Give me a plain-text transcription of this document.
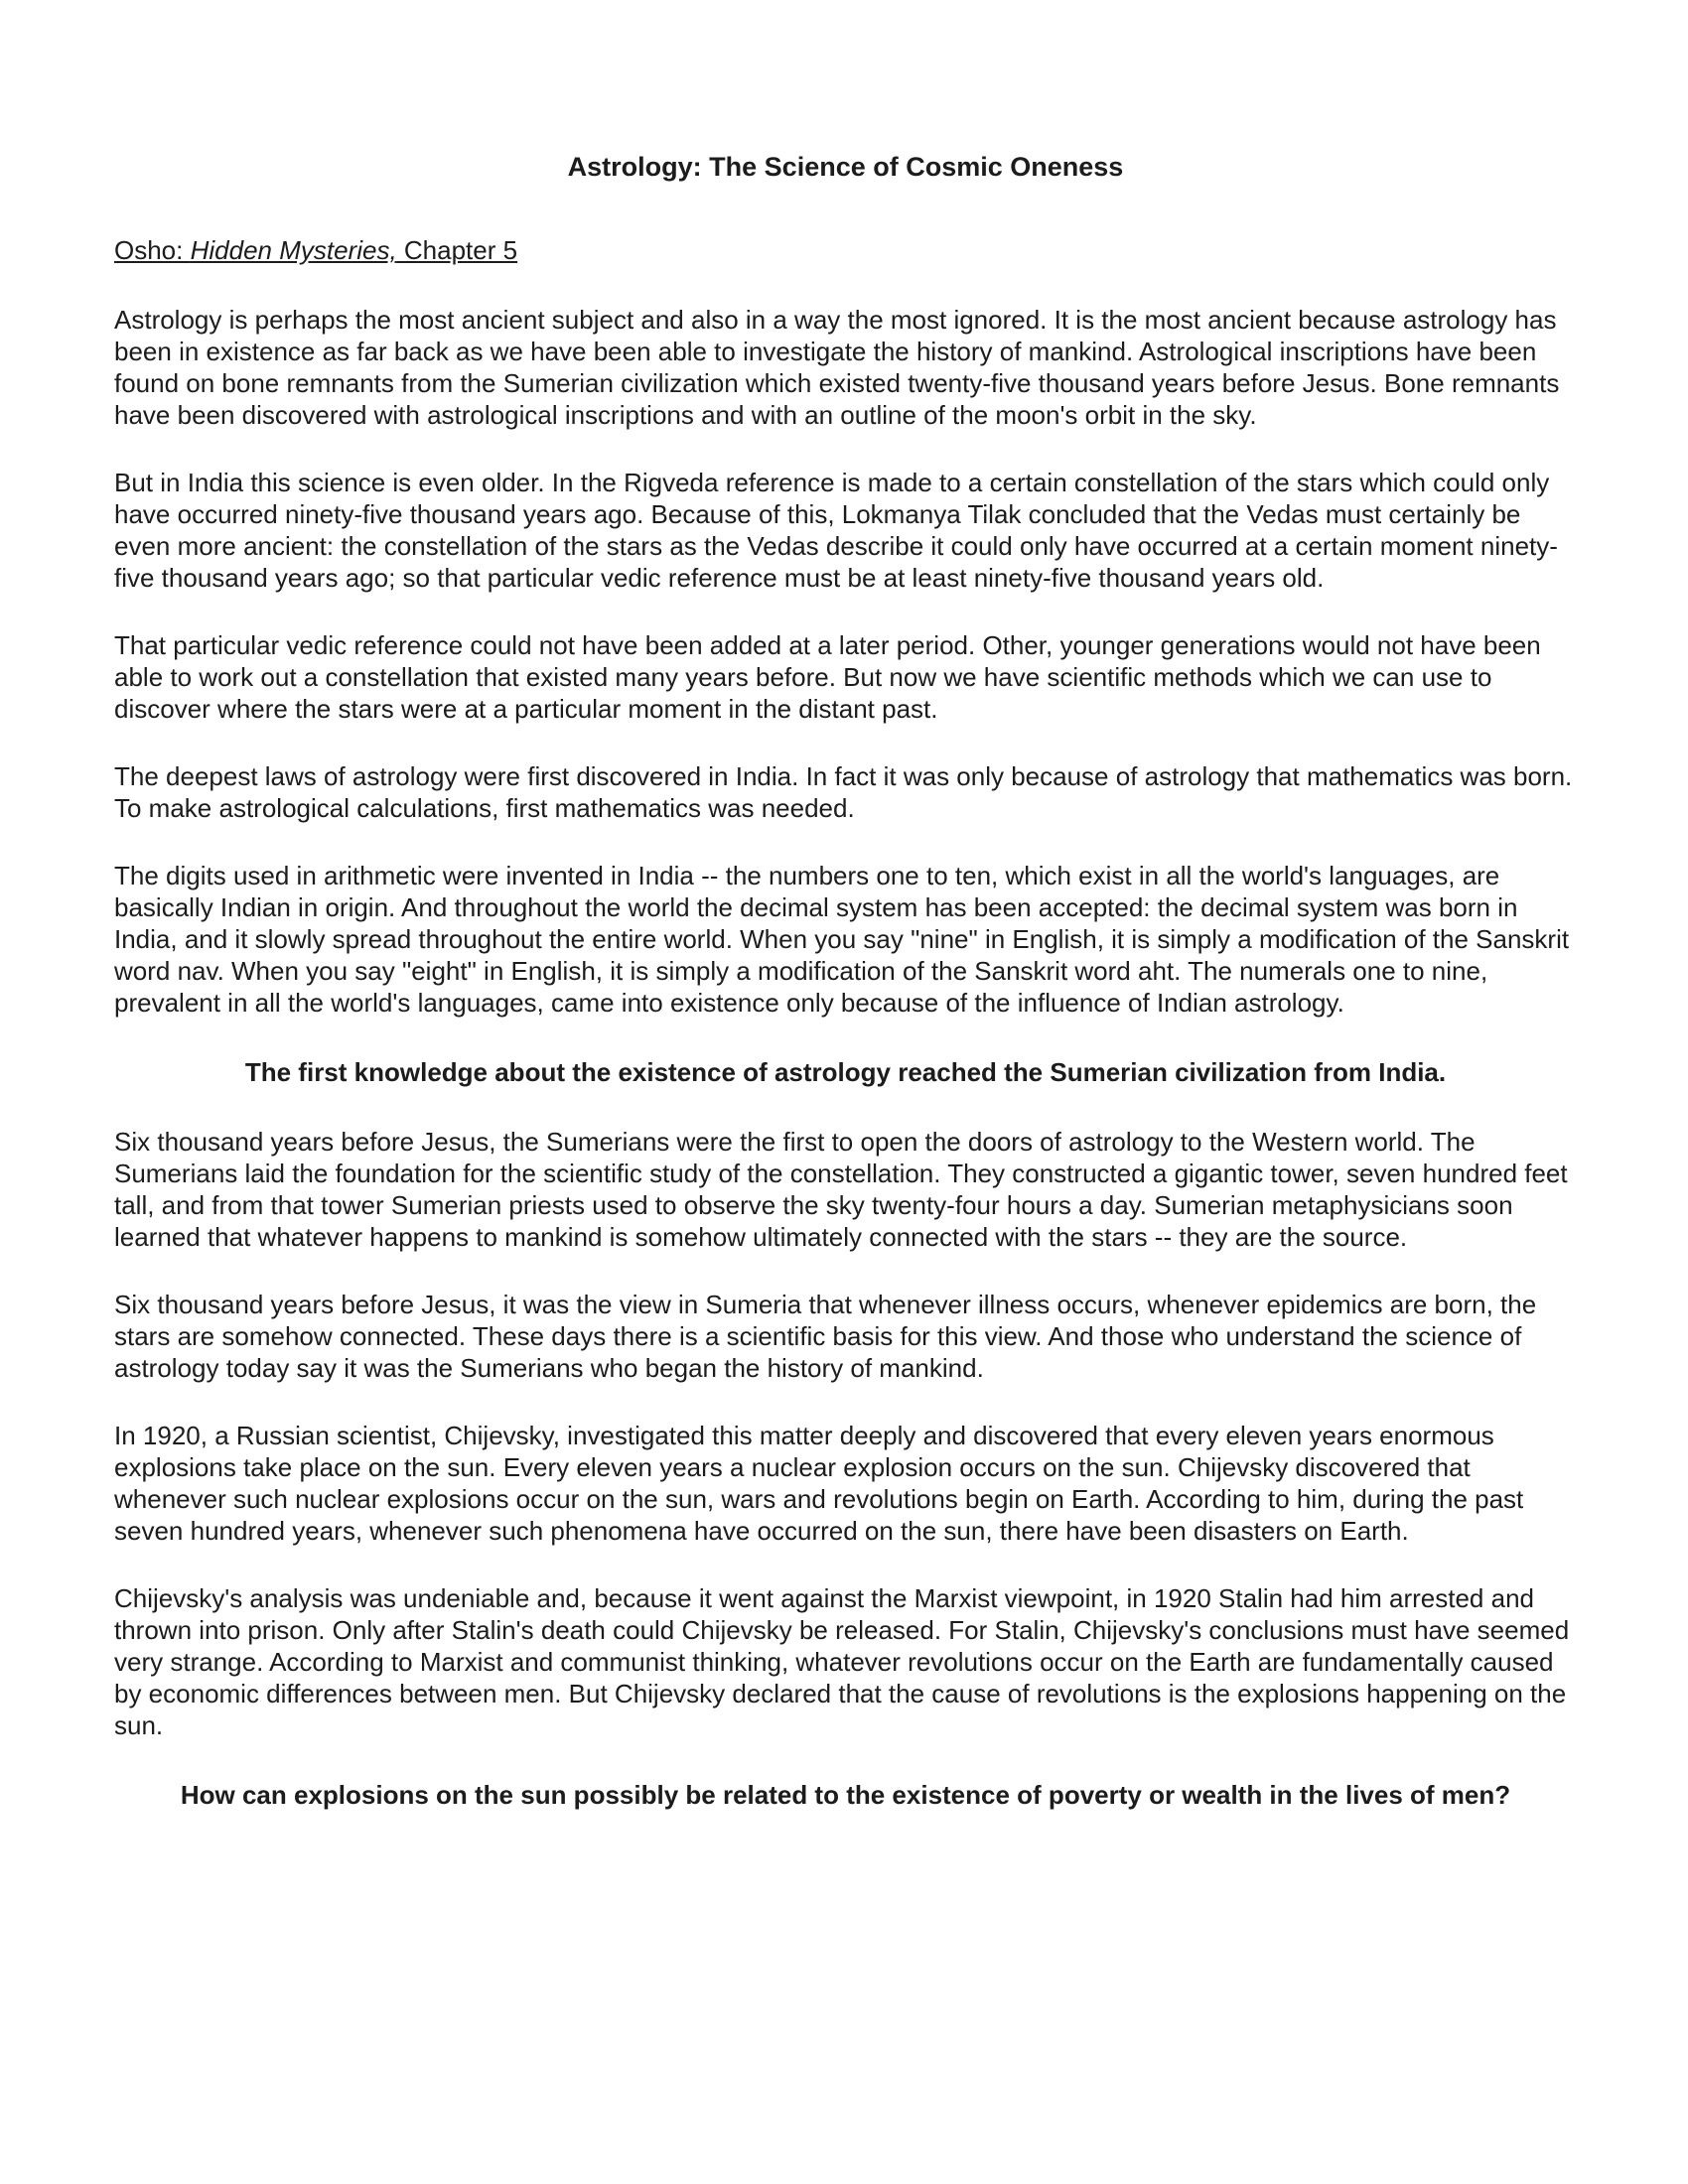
Astrology: The Science of Cosmic Oneness
Osho: Hidden Mysteries, Chapter 5

Astrology is perhaps the most ancient subject and also in a way the most ignored. It is the most ancient because astrology has been in existence as far back as we have been able to investigate the history of mankind. Astrological inscriptions have been found on bone remnants from the Sumerian civilization which existed twenty-five thousand years before Jesus. Bone remnants have been discovered with astrological inscriptions and with an outline of the moon's orbit in the sky.

But in India this science is even older. In the Rigveda reference is made to a certain constellation of the stars which could only have occurred ninety-five thousand years ago. Because of this, Lokmanya Tilak concluded that the Vedas must certainly be even more ancient: the constellation of the stars as the Vedas describe it could only have occurred at a certain moment ninety-five thousand years ago; so that particular vedic reference must be at least ninety-five thousand years old.

That particular vedic reference could not have been added at a later period. Other, younger generations would not have been able to work out a constellation that existed many years before. But now we have scientific methods which we can use to discover where the stars were at a particular moment in the distant past.

The deepest laws of astrology were first discovered in India. In fact it was only because of astrology that mathematics was born. To make astrological calculations, first mathematics was needed.

The digits used in arithmetic were invented in India -- the numbers one to ten, which exist in all the world's languages, are basically Indian in origin. And throughout the world the decimal system has been accepted: the decimal system was born in India, and it slowly spread throughout the entire world. When you say "nine" in English, it is simply a modification of the Sanskrit word nav. When you say "eight" in English, it is simply a modification of the Sanskrit word aht. The numerals one to nine, prevalent in all the world's languages, came into existence only because of the influence of Indian astrology.

The first knowledge about the existence of astrology reached the Sumerian civilization from India.

Six thousand years before Jesus, the Sumerians were the first to open the doors of astrology to the Western world. The Sumerians laid the foundation for the scientific study of the constellation. They constructed a gigantic tower, seven hundred feet tall, and from that tower Sumerian priests used to observe the sky twenty-four hours a day. Sumerian metaphysicians soon learned that whatever happens to mankind is somehow ultimately connected with the stars -- they are the source.

Six thousand years before Jesus, it was the view in Sumeria that whenever illness occurs, whenever epidemics are born, the stars are somehow connected. These days there is a scientific basis for this view. And those who understand the science of astrology today say it was the Sumerians who began the history of mankind.

In 1920, a Russian scientist, Chijevsky, investigated this matter deeply and discovered that every eleven years enormous explosions take place on the sun. Every eleven years a nuclear explosion occurs on the sun. Chijevsky discovered that whenever such nuclear explosions occur on the sun, wars and revolutions begin on Earth. According to him, during the past seven hundred years, whenever such phenomena have occurred on the sun, there have been disasters on Earth.

Chijevsky's analysis was undeniable and, because it went against the Marxist viewpoint, in 1920 Stalin had him arrested and thrown into prison. Only after Stalin's death could Chijevsky be released. For Stalin, Chijevsky's conclusions must have seemed very strange. According to Marxist and communist thinking, whatever revolutions occur on the Earth are fundamentally caused by economic differences between men. But Chijevsky declared that the cause of revolutions is the explosions happening on the sun.

How can explosions on the sun possibly be related to the existence of poverty or wealth in the lives of men?
